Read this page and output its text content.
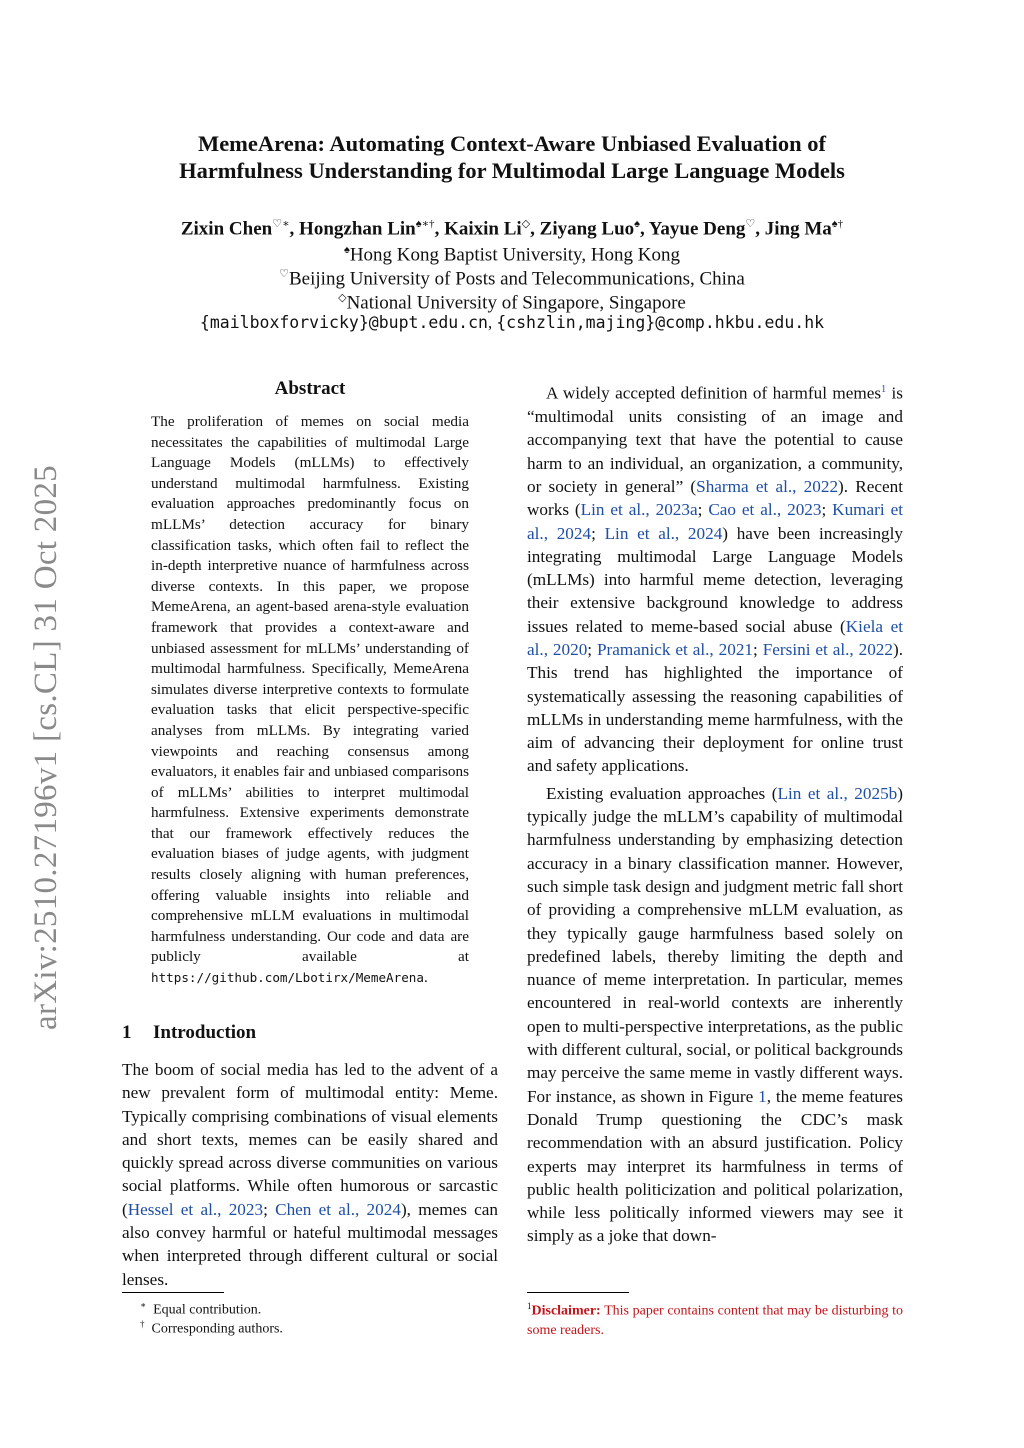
MemeArena: Automating Context-Aware Unbiased Evaluation of
Harmfulness Understanding for Multimodal Large Language Models
Zixin Chen♡∗, Hongzhan Lin♠∗†, Kaixin Li◇, Ziyang Luo♠, Yayue Deng♡, Jing Ma♠†
♠Hong Kong Baptist University, Hong Kong
♡Beijing University of Posts and Telecommunications, China
◇National University of Singapore, Singapore
{mailboxforvicky}@bupt.edu.cn, {cshzlin,majing}@comp.hkbu.edu.hk
arXiv:2510.27196v1 [cs.CL] 31 Oct 2025
Abstract
The proliferation of memes on social media necessitates the capabilities of multimodal Large Language Models (mLLMs) to effectively understand multimodal harmfulness. Existing evaluation approaches predominantly focus on mLLMs’ detection accuracy for binary classification tasks, which often fail to reflect the in-depth interpretive nuance of harmfulness across diverse contexts. In this paper, we propose MemeArena, an agent-based arena-style evaluation framework that provides a context-aware and unbiased assessment for mLLMs’ understanding of multimodal harmfulness. Specifically, MemeArena simulates diverse interpretive contexts to formulate evaluation tasks that elicit perspective-specific analyses from mLLMs. By integrating varied viewpoints and reaching consensus among evaluators, it enables fair and unbiased comparisons of mLLMs’ abilities to interpret multimodal harmfulness. Extensive experiments demonstrate that our framework effectively reduces the evaluation biases of judge agents, with judgment results closely aligning with human preferences, offering valuable insights into reliable and comprehensive mLLM evaluations in multimodal harmfulness understanding. Our code and data are publicly available at https://github.com/Lbotirx/MemeArena.
1 Introduction

The boom of social media has led to the advent of a new prevalent form of multimodal entity: Meme. Typically comprising combinations of visual elements and short texts, memes can be easily shared and quickly spread across diverse communities on various social platforms. While often humorous or sarcastic (Hessel et al., 2023; Chen et al., 2024), memes can also convey harmful or hateful multimodal messages when interpreted through different cultural or social lenses.

∗ Equal contribution.
† Corresponding authors.

A widely accepted definition of harmful memes$^1$ is “multimodal units consisting of an image and accompanying text that have the potential to cause harm to an individual, an organization, a community, or society in general” (Sharma et al., 2022). Recent works (Lin et al., 2023a; Cao et al., 2023; Kumari et al., 2024; Lin et al., 2024) have been increasingly integrating multimodal Large Language Models (mLLMs) into harmful meme detection, leveraging their extensive background knowledge to address issues related to meme-based social abuse (Kiela et al., 2020; Pramanick et al., 2021; Fersini et al., 2022). This trend has highlighted the importance of systematically assessing the reasoning capabilities of mLLMs in understanding meme harmfulness, with the aim of advancing their deployment for online trust and safety applications.

Existing evaluation approaches (Lin et al., 2025b) typically judge the mLLM’s capability of multimodal harmfulness understanding by emphasizing detection accuracy in a binary classification manner. However, such simple task design and judgment metric fall short of providing a comprehensive mLLM evaluation, as they typically gauge harmfulness based solely on predefined labels, thereby limiting the depth and nuance of meme interpretation. In particular, memes encountered in real-world contexts are inherently open to multi-perspective interpretations, as the public with different cultural, social, or political backgrounds may perceive the same meme in vastly different ways. For instance, as shown in Figure 1, the meme features Donald Trump questioning the CDC’s mask recommendation with an absurd justification. Policy experts may interpret its harmfulness in terms of public health politicization and political polarization, while less politically informed viewers may see it simply as a joke that down-

$^1$Disclaimer: This paper contains content that may be disturbing to some readers.
